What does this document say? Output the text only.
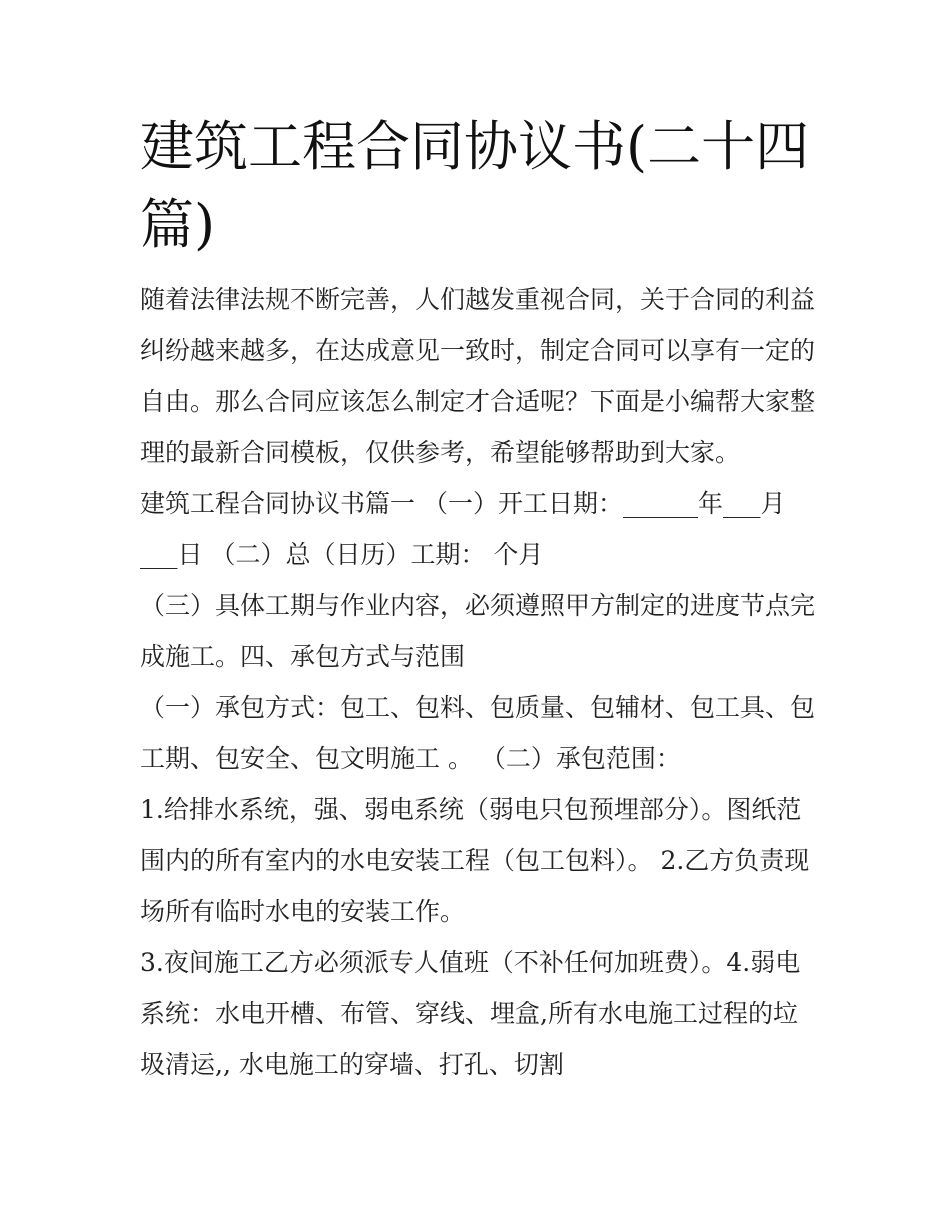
建筑工程合同协议书(二十四
篇)
随着法律法规不断完善，人们越发重视合同，关于合同的利益
纠纷越来越多，在达成意见一致时，制定合同可以享有一定的
自由。那么合同应该怎么制定才合适呢？下面是小编帮大家整
理的最新合同模板，仅供参考，希望能够帮助到大家。
建筑工程合同协议书篇一 （一）开工日期：______年___月
___日 （二）总（日历）工期： 个月
（三）具体工期与作业内容，必须遵照甲方制定的进度节点完
成施工。四、承包方式与范围
（一）承包方式：包工、包料、包质量、包辅材、包工具、包
工期、包安全、包文明施工 。 （二）承包范围：
1.给排水系统，强、弱电系统（弱电只包预埋部分）。图纸范
围内的所有室内的水电安装工程（包工包料）。 2.乙方负责现
场所有临时水电的安装工作。
3.夜间施工乙方必须派专人值班（不补任何加班费）。4.弱电
系统：水电开槽、布管、穿线、埋盒,所有水电施工过程的垃
圾清运,, 水电施工的穿墙、打孔、切割
